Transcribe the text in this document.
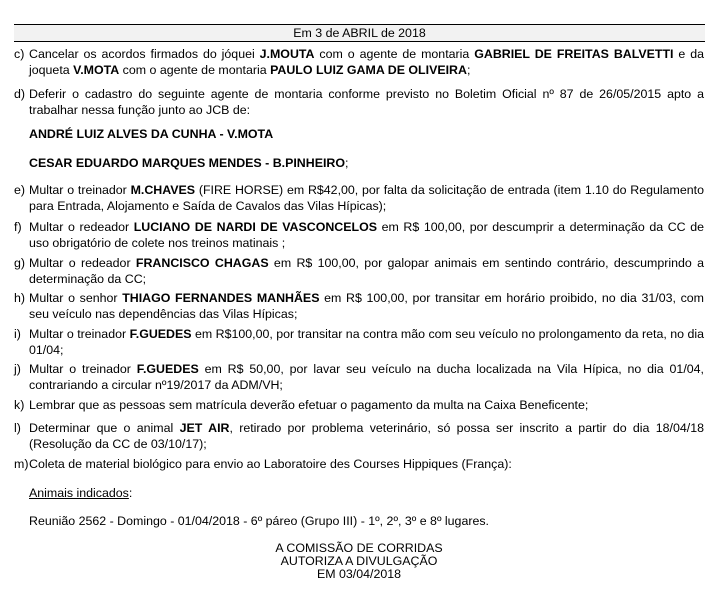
Em 3 de ABRIL de 2018
c) Cancelar os acordos firmados do jóquei J.MOUTA com o agente de montaria GABRIEL DE FREITAS BALVETTI e da joqueta V.MOTA com o agente de montaria PAULO LUIZ GAMA DE OLIVEIRA;
d) Deferir o cadastro do seguinte agente de montaria conforme previsto no Boletim Oficial nº 87 de 26/05/2015 apto a trabalhar nessa função junto ao JCB de:
ANDRÉ LUIZ ALVES DA CUNHA - V.MOTA
CESAR EDUARDO MARQUES MENDES - B.PINHEIRO;
e) Multar o treinador M.CHAVES (FIRE HORSE) em R$42,00, por falta da solicitação de entrada (item 1.10 do Regulamento para Entrada, Alojamento e Saída de Cavalos das Vilas Hípicas);
f) Multar o redeador LUCIANO DE NARDI DE VASCONCELOS em R$ 100,00, por descumprir a determinação da CC de uso obrigatório de colete nos treinos matinais ;
g) Multar o redeador FRANCISCO CHAGAS em R$ 100,00, por galopar animais em sentindo contrário, descumprindo a determinação da CC;
h) Multar o senhor THIAGO FERNANDES MANHÃES em R$ 100,00, por transitar em horário proibido, no dia 31/03, com seu veículo nas dependências das Vilas Hípicas;
i) Multar o treinador F.GUEDES em R$100,00, por transitar na contra mão com seu veículo no prolongamento da reta, no dia 01/04;
j) Multar o treinador F.GUEDES em R$ 50,00, por lavar seu veículo na ducha localizada na Vila Hípica, no dia 01/04, contrariando a circular nº19/2017 da ADM/VH;
k) Lembrar que as pessoas sem matrícula deverão efetuar o pagamento da multa na Caixa Beneficente;
l) Determinar que o animal JET AIR, retirado por problema veterinário, só possa ser inscrito a partir do dia 18/04/18 (Resolução da CC de 03/10/17);
m) Coleta de material biológico para envio ao Laboratoire des Courses Hippiques (França):
Animais indicados:
Reunião 2562 - Domingo - 01/04/2018 - 6º páreo (Grupo III) - 1º, 2º, 3º e 8º lugares.
A COMISSÃO DE CORRIDAS
AUTORIZA A DIVULGAÇÃO
EM 03/04/2018
